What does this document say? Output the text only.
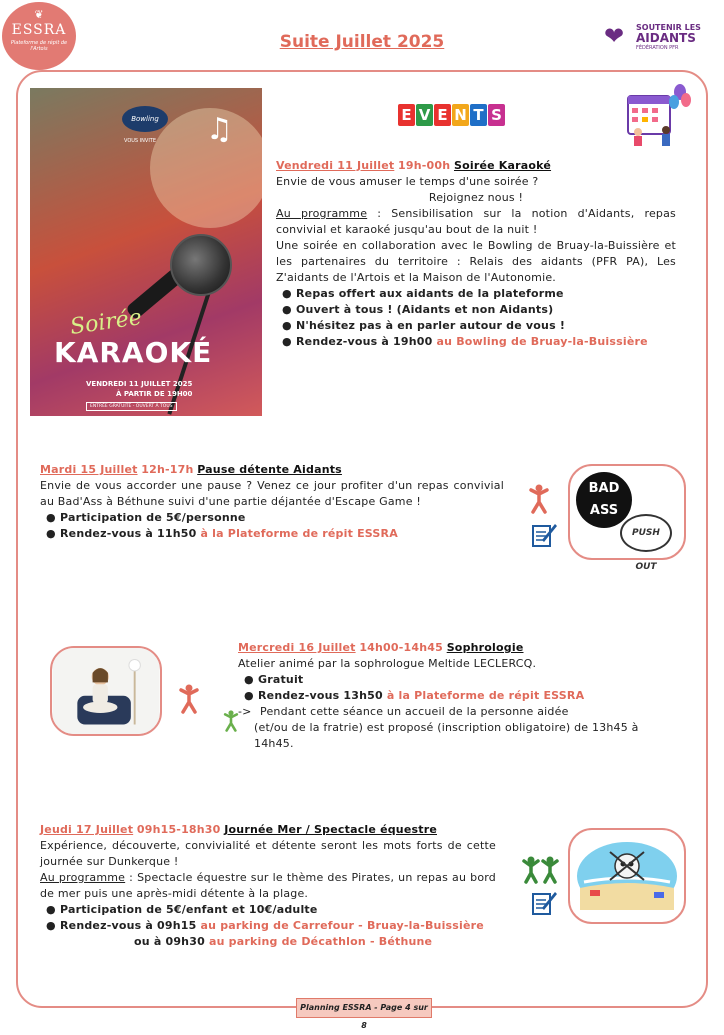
❦
ESSRA
Plateforme de répit de l'Artois	Suite Juillet 2025	❤ SOUTENIR LES
AIDANTS
FÉDÉRATION PFR
E V E N T S
Bowling
VOUS INVITE ♫
Soirée
KARAOKÉ
VENDREDI 11 JUILLET 2025
À PARTIR DE 19H00
ENTRÉE GRATUITE - OUVERT À TOUS
Vendredi 11 Juillet 19h-00h Soirée Karaoké
Envie de vous amuser le temps d'une soirée ?
Rejoignez nous !
Au programme : Sensibilisation sur la notion d'Aidants, repas convivial et karaoké jusqu'au bout de la nuit !
Une soirée en collaboration avec le Bowling de Bruay-la-Buissière et les partenaires du territoire : Relais des aidants (PFR PA), Les Z'aidants de l'Artois et la Maison de l'Autonomie.
● Repas offert aux aidants de la plateforme
● Ouvert à tous ! (Aidants et non Aidants)
● N'hésitez pas à en parler autour de vous !
● Rendez-vous à 19h00 au Bowling de Bruay-la-Buissière
Mardi 15 Juillet 12h-17h Pause détente Aidants
Envie de vous accorder une pause ? Venez ce jour profiter d'un repas convivial au Bad'Ass à Béthune suivi d'une partie déjantée d'Escape Game !
● Participation de 5€/personne
● Rendez-vous à 11h50 à la Plateforme de répit ESSRA
BAD ASS
PUSH OUT
Mercredi 16 Juillet 14h00-14h45 Sophrologie
Atelier animé par la sophrologue Meltide LECLERCQ.
● Gratuit
● Rendez-vous 13h50 à la Plateforme de répit ESSRA
-> Pendant cette séance un accueil de la personne aidée
(et/ou de la fratrie) est proposé (inscription obligatoire) de 13h45 à 14h45.
Jeudi 17 Juillet 09h15-18h30 Journée Mer / Spectacle équestre
Expérience, découverte, convivialité et détente seront les mots forts de cette journée sur Dunkerque !
Au programme : Spectacle équestre sur le thème des Pirates, un repas au bord de mer puis une après-midi détente à la plage.
● Participation de 5€/enfant et 10€/adulte
● Rendez-vous à 09h15 au parking de Carrefour - Bruay-la-Buissière
ou à 09h30 au parking de Décathlon - Béthune
Planning ESSRA - Page 4 sur 8
